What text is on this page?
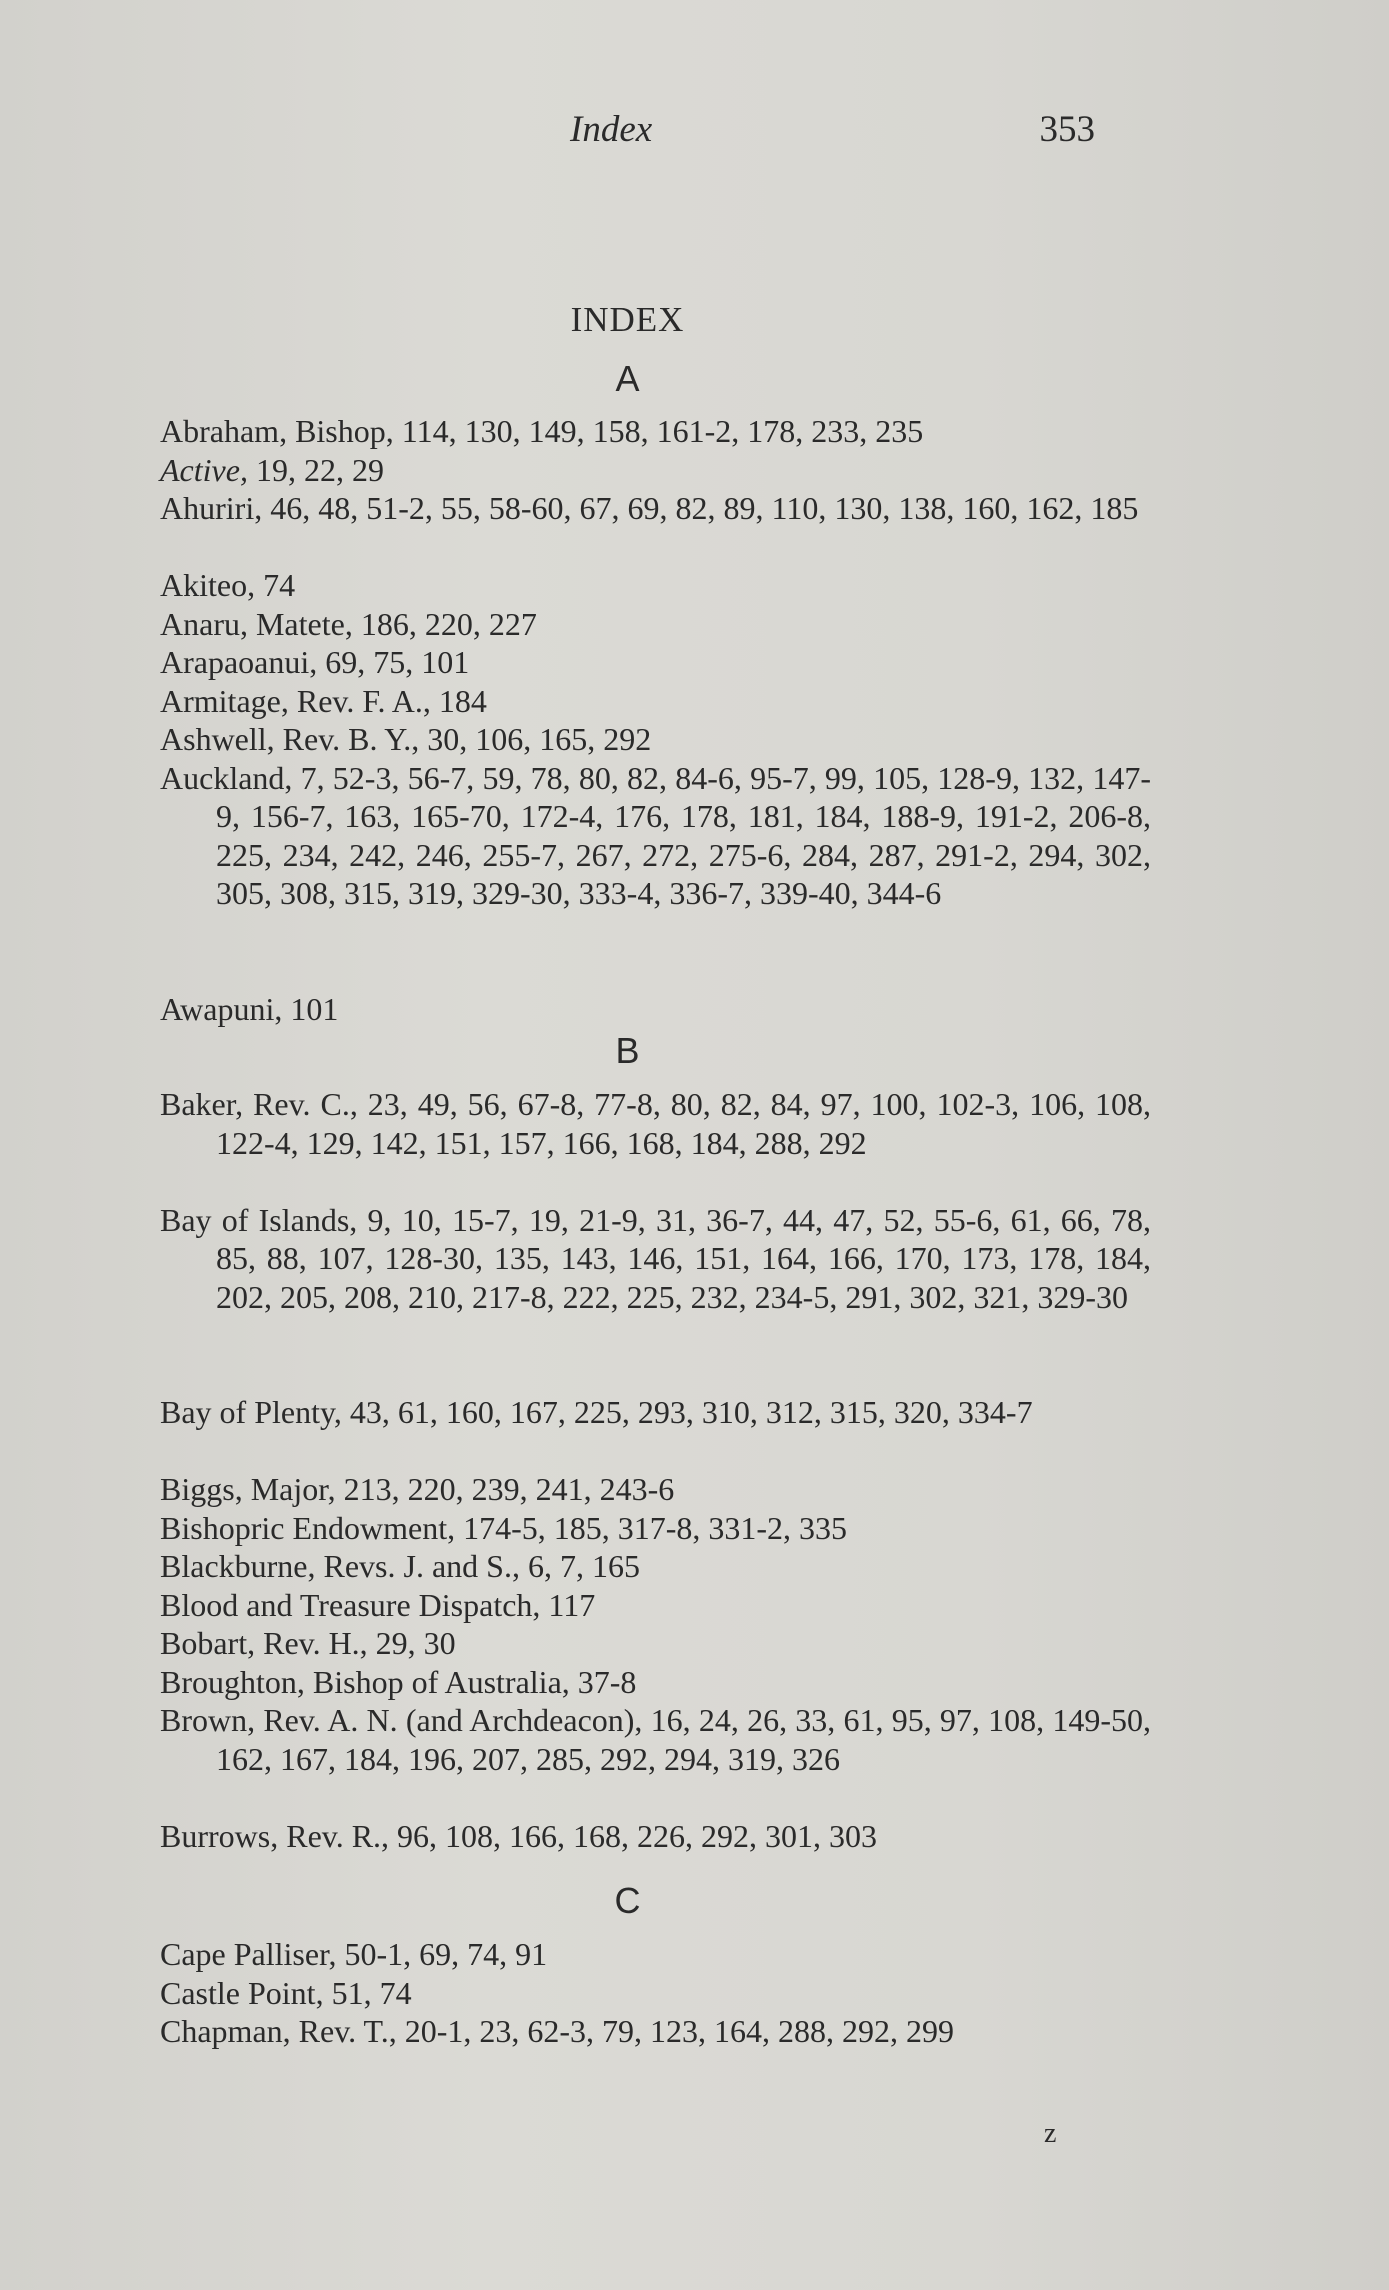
Index	353
INDEX
A
Abraham, Bishop, 114, 130, 149, 158, 161-2, 178, 233, 235
Active, 19, 22, 29
Ahuriri, 46, 48, 51-2, 55, 58-60, 67, 69, 82, 89, 110, 130, 138, 160, 162, 185
Akiteo, 74
Anaru, Matete, 186, 220, 227
Arapaoanui, 69, 75, 101
Armitage, Rev. F. A., 184
Ashwell, Rev. B. Y., 30, 106, 165, 292
Auckland, 7, 52-3, 56-7, 59, 78, 80, 82, 84-6, 95-7, 99, 105, 128-9, 132, 147-9, 156-7, 163, 165-70, 172-4, 176, 178, 181, 184, 188-9, 191-2, 206-8, 225, 234, 242, 246, 255-7, 267, 272, 275-6, 284, 287, 291-2, 294, 302, 305, 308, 315, 319, 329-30, 333-4, 336-7, 339-40, 344-6
Awapuni, 101
B
Baker, Rev. C., 23, 49, 56, 67-8, 77-8, 80, 82, 84, 97, 100, 102-3, 106, 108, 122-4, 129, 142, 151, 157, 166, 168, 184, 288, 292
Bay of Islands, 9, 10, 15-7, 19, 21-9, 31, 36-7, 44, 47, 52, 55-6, 61, 66, 78, 85, 88, 107, 128-30, 135, 143, 146, 151, 164, 166, 170, 173, 178, 184, 202, 205, 208, 210, 217-8, 222, 225, 232, 234-5, 291, 302, 321, 329-30
Bay of Plenty, 43, 61, 160, 167, 225, 293, 310, 312, 315, 320, 334-7
Biggs, Major, 213, 220, 239, 241, 243-6
Bishopric Endowment, 174-5, 185, 317-8, 331-2, 335
Blackburne, Revs. J. and S., 6, 7, 165
Blood and Treasure Dispatch, 117
Bobart, Rev. H., 29, 30
Broughton, Bishop of Australia, 37-8
Brown, Rev. A. N. (and Archdeacon), 16, 24, 26, 33, 61, 95, 97, 108, 149-50, 162, 167, 184, 196, 207, 285, 292, 294, 319, 326
Burrows, Rev. R., 96, 108, 166, 168, 226, 292, 301, 303
C
Cape Palliser, 50-1, 69, 74, 91
Castle Point, 51, 74
Chapman, Rev. T., 20-1, 23, 62-3, 79, 123, 164, 288, 292, 299
z
